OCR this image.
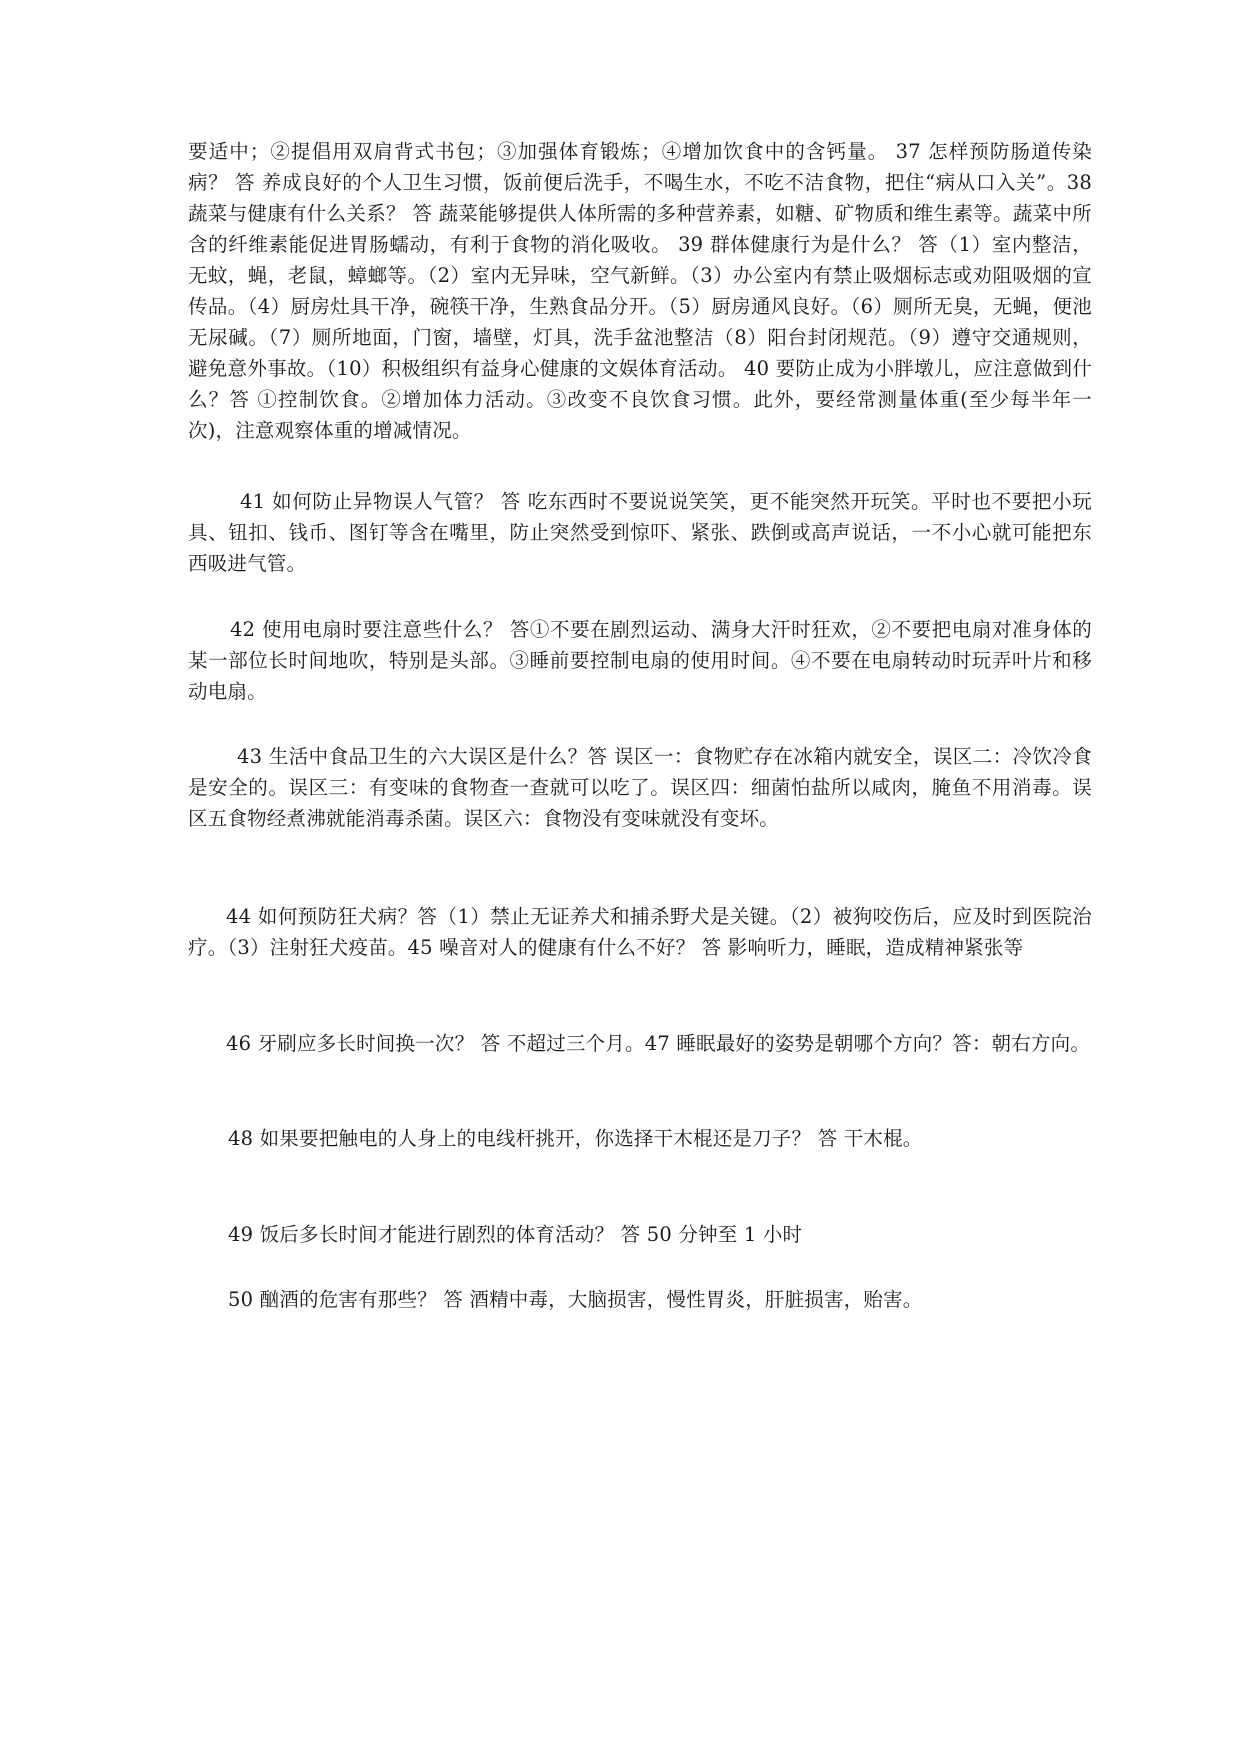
要适中；②提倡用双肩背式书包；③加强体育锻炼；④增加饮食中的含钙量。 37 怎样预防肠道传染病？ 答 养成良好的个人卫生习惯，饭前便后洗手，不喝生水，不吃不洁食物，把住“病从口入关”。38 蔬菜与健康有什么关系？ 答 蔬菜能够提供人体所需的多种营养素，如糖、矿物质和维生素等。蔬菜中所含的纤维素能促进胃肠蠕动，有利于食物的消化吸收。 39 群体健康行为是什么？ 答（1）室内整洁，无蚊，蝇，老鼠，蟑螂等。（2）室内无异味，空气新鲜。（3）办公室内有禁止吸烟标志或劝阻吸烟的宣传品。（4）厨房灶具干净，碗筷干净，生熟食品分开。（5）厨房通风良好。（6）厕所无臭，无蝇，便池无尿碱。（7）厕所地面，门窗，墙壁，灯具，洗手盆池整洁（8）阳台封闭规范。（9）遵守交通规则，避免意外事故。（10）积极组织有益身心健康的文娱体育活动。 40 要防止成为小胖墩儿，应注意做到什么？答 ①控制饮食。②增加体力活动。③改变不良饮食习惯。此外，要经常测量体重(至少每半年一次)，注意观察体重的增减情况。

41 如何防止异物误人气管？ 答 吃东西时不要说说笑笑，更不能突然开玩笑。平时也不要把小玩具、钮扣、钱币、图钉等含在嘴里，防止突然受到惊吓、紧张、跌倒或高声说话，一不小心就可能把东西吸进气管。

42 使用电扇时要注意些什么？ 答①不要在剧烈运动、满身大汗时狂欢，②不要把电扇对准身体的某一部位长时间地吹，特别是头部。③睡前要控制电扇的使用时间。④不要在电扇转动时玩弄叶片和移动电扇。

43 生活中食品卫生的六大误区是什么？答 误区一：食物贮存在冰箱内就安全，误区二：冷饮冷食是安全的。误区三：有变味的食物查一查就可以吃了。误区四：细菌怕盐所以咸肉，腌鱼不用消毒。误区五食物经煮沸就能消毒杀菌。误区六：食物没有变味就没有变坏。

44 如何预防狂犬病？答（1）禁止无证养犬和捕杀野犬是关键。（2）被狗咬伤后，应及时到医院治疗。（3）注射狂犬疫苗。45 噪音对人的健康有什么不好？ 答 影响听力，睡眠，造成精神紧张等

46 牙刷应多长时间换一次？ 答 不超过三个月。47 睡眠最好的姿势是朝哪个方向？答：朝右方向。

48 如果要把触电的人身上的电线杆挑开，你选择干木棍还是刀子？ 答 干木棍。

49 饭后多长时间才能进行剧烈的体育活动？ 答 50 分钟至 1 小时

50 酗酒的危害有那些？ 答 酒精中毒，大脑损害，慢性胃炎，肝脏损害，贻害。
